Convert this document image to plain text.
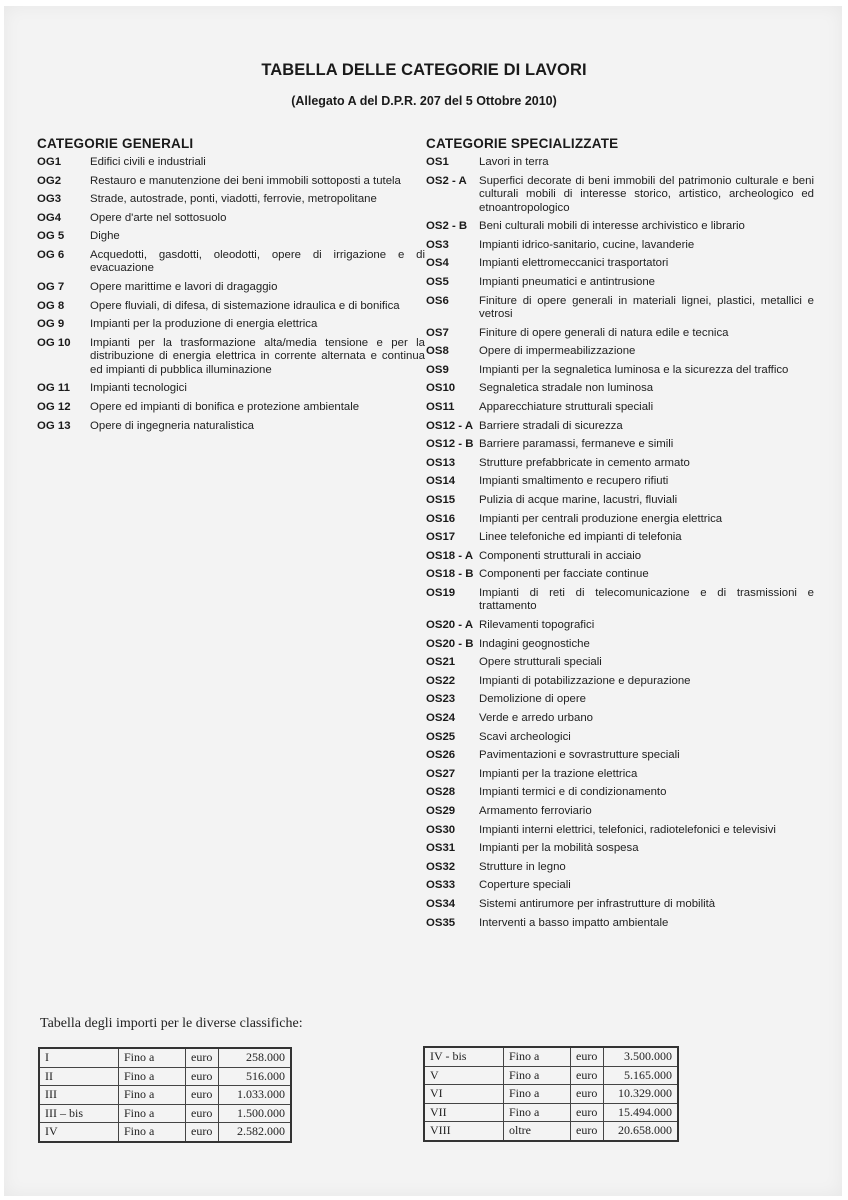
TABELLA DELLE CATEGORIE DI LAVORI
(Allegato A del D.P.R. 207 del 5 Ottobre 2010)
CATEGORIE GENERALI
OG1	Edifici civili e industriali
OG2	Restauro e manutenzione dei beni immobili sottoposti a tutela
OG3	Strade, autostrade, ponti, viadotti, ferrovie, metropolitane
OG4	Opere d'arte nel sottosuolo
OG 5	Dighe
OG 6	Acquedotti, gasdotti, oleodotti, opere di irrigazione e di evacuazione
OG 7	Opere marittime e lavori di dragaggio
OG 8	Opere fluviali, di difesa, di sistemazione idraulica e di bonifica
OG 9	Impianti per la produzione di energia elettrica
OG 10	Impianti per la trasformazione alta/media tensione e per la distribuzione di energia elettrica in corrente alternata e continua ed impianti di pubblica illuminazione
OG 11	Impianti tecnologici
OG 12	Opere ed impianti di bonifica e protezione ambientale
OG 13	Opere di ingegneria naturalistica
CATEGORIE SPECIALIZZATE
OS1	Lavori in terra
OS2 - A	Superfici decorate di beni immobili del patrimonio culturale e beni culturali mobili di interesse storico, artistico, archeologico ed etnoantropologico
OS2 - B	Beni culturali mobili di interesse archivistico e librario
OS3	Impianti idrico-sanitario, cucine, lavanderie
OS4	Impianti elettromeccanici trasportatori
OS5	Impianti pneumatici e antintrusione
OS6	Finiture di opere generali in materiali lignei, plastici, metallici e vetrosi
OS7	Finiture di opere generali di natura edile e tecnica
OS8	Opere di impermeabilizzazione
OS9	Impianti per la segnaletica luminosa e la sicurezza del traffico
OS10	Segnaletica stradale non luminosa
OS11	Apparecchiature strutturali speciali
OS12 - A Barriere stradali di sicurezza
OS12 - B Barriere paramassi, fermaneve e simili
OS13	Strutture prefabbricate in cemento armato
OS14	Impianti smaltimento e recupero rifiuti
OS15	Pulizia di acque marine, lacustri, fluviali
OS16	Impianti per centrali produzione energia elettrica
OS17	Linee telefoniche ed impianti di telefonia
OS18 - A Componenti strutturali in acciaio
OS18 - B Componenti per facciate continue
OS19	Impianti di reti di telecomunicazione e di trasmissioni e trattamento
OS20 - A Rilevamenti topografici
OS20 - B Indagini geognostiche
OS21	Opere strutturali speciali
OS22	Impianti di potabilizzazione e depurazione
OS23	Demolizione di opere
OS24	Verde e arredo urbano
OS25	Scavi archeologici
OS26	Pavimentazioni e sovrastrutture speciali
OS27	Impianti per la trazione elettrica
OS28	Impianti termici e di condizionamento
OS29	Armamento ferroviario
OS30	Impianti interni elettrici, telefonici, radiotelefonici e televisivi
OS31	Impianti per la mobilità sospesa
OS32	Strutture in legno
OS33	Coperture speciali
OS34	Sistemi antirumore per infrastrutture di mobilità
OS35	Interventi a basso impatto ambientale
Tabella degli importi per le diverse classifiche:
I	Fino a	euro	258.000
II	Fino a	euro	516.000
III	Fino a	euro	1.033.000
III – bis	Fino a	euro	1.500.000
IV	Fino a	euro	2.582.000
IV - bis	Fino a	euro	3.500.000
V	Fino a	euro	5.165.000
VI	Fino a	euro	10.329.000
VII	Fino a	euro	15.494.000
VIII	oltre	euro	20.658.000
